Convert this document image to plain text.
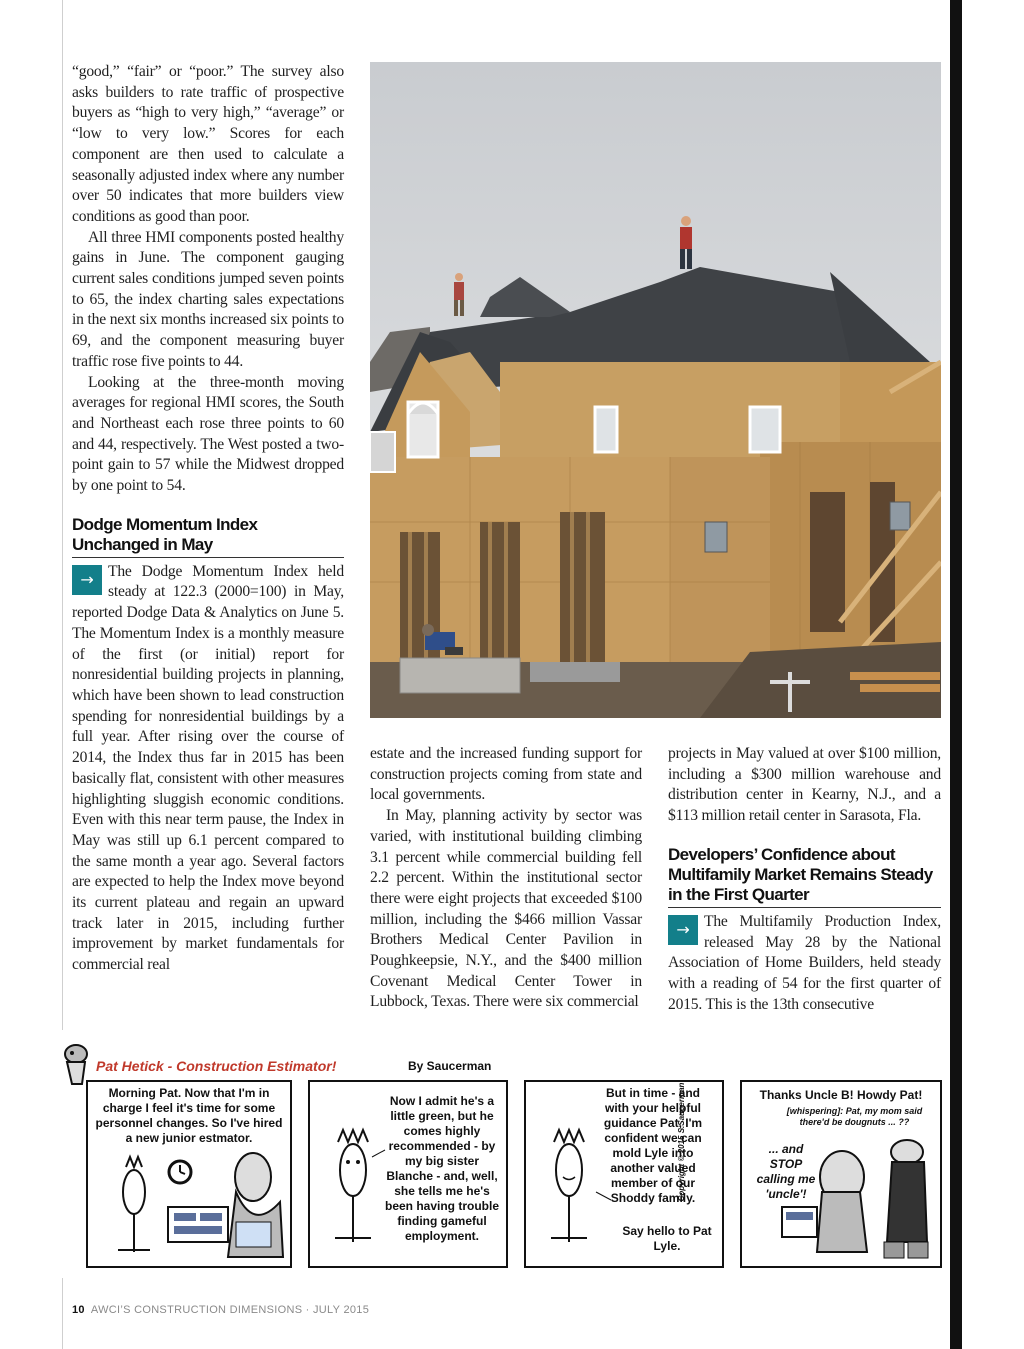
“good,” “fair” or “poor.” The survey also asks builders to rate traffic of prospective buyers as “high to very high,” “average” or “low to very low.” Scores for each component are then used to calculate a seasonally adjusted index where any number over 50 indicates that more builders view conditions as good than poor.

All three HMI components posted healthy gains in June. The component gauging current sales conditions jumped seven points to 65, the index charting sales expectations in the next six months increased six points to 69, and the component measuring buyer traffic rose five points to 44.

Looking at the three-month moving averages for regional HMI scores, the South and Northeast each rose three points to 60 and 44, respectively. The West posted a two-point gain to 57 while the Midwest dropped by one point to 54.

Dodge Momentum Index Unchanged in May

→ The Dodge Momentum Index held steady at 122.3 (2000=100) in May, reported Dodge Data & Analytics on June 5. The Momentum Index is a monthly measure of the first (or initial) report for nonresidential building projects in planning, which have been shown to lead construction spending for nonresidential buildings by a full year. After rising over the course of 2014, the Index thus far in 2015 has been basically flat, consistent with other measures highlighting sluggish economic conditions. Even with this near term pause, the Index in May was still up 6.1 percent compared to the same month a year ago. Several factors are expected to help the Index move beyond its current plateau and regain an upward track later in 2015, including further improvement by market fundamentals for commercial real

estate and the increased funding support for construction projects coming from state and local governments.

In May, planning activity by sector was varied, with institutional building climbing 3.1 percent while commercial building fell 2.2 percent. Within the institutional sector there were eight projects that exceeded $100 million, including the $466 million Vassar Brothers Medical Center Pavilion in Poughkeepsie, N.Y., and the $400 million Covenant Medical Center Tower in Lubbock, Texas. There were six commercial

projects in May valued at over $100 million, including a $300 million warehouse and distribution center in Kearny, N.J., and a $113 million retail center in Sarasota, Fla.

Developers’ Confidence about Multifamily Market Remains Steady in the First Quarter

→ The Multifamily Production Index, released May 28 by the National Association of Home Builders, held steady with a reading of 54 for the first quarter of 2015. This is the 13th consecutive

Pat Hetick - Construction Estimator!	By Saucerman
Morning Pat. Now that I'm in charge I feel it's time for some personnel changes. So I've hired a new junior estmator.
Now I admit he's a little green, but he comes highly recommended - by my big sister Blanche - and, well, she tells me he's been having trouble finding gameful employment.
But in time - and with your helpful guidance Pat, I'm confident we can mold Lyle into another valued member of our Shoddy family.
Say hello to Pat Lyle.
Copyright © 2015 S.Saucerman	Thanks Uncle B! Howdy Pat!
[whispering]: Pat, my mom said there'd be dougnuts ... ??
... and STOP calling me 'uncle'!
10 AWCI’S CONSTRUCTION DIMENSIONS · JULY 2015
